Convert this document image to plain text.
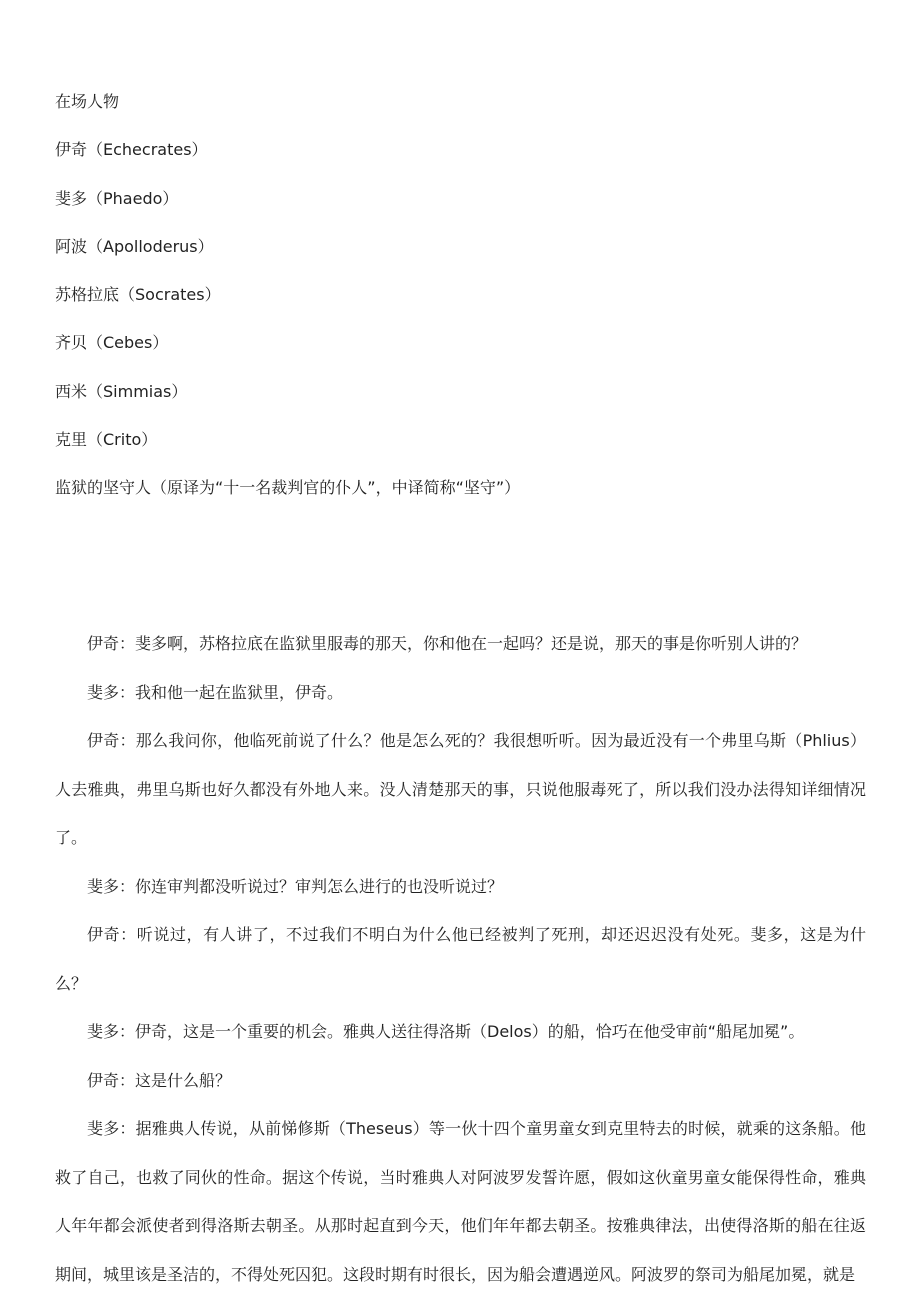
在场人物
伊奇（Echecrates）
斐多（Phaedo）
阿波（Apolloderus）
苏格拉底（Socrates）
齐贝（Cebes）
西米（Simmias）
克里（Crito）
监狱的坚守人（原译为“十一名裁判官的仆人”，中译简称“坚守”）

伊奇：斐多啊，苏格拉底在监狱里服毒的那天，你和他在一起吗？还是说，那天的事是你听别人讲的？

斐多：我和他一起在监狱里，伊奇。

伊奇：那么我问你，他临死前说了什么？他是怎么死的？我很想听听。因为最近没有一个弗里乌斯（Phlius）人去雅典，弗里乌斯也好久都没有外地人来。没人清楚那天的事，只说他服毒死了，所以我们没办法得知详细情况了。

斐多：你连审判都没听说过？审判怎么进行的也没听说过？

伊奇：听说过，有人讲了，不过我们不明白为什么他已经被判了死刑，却还迟迟没有处死。斐多，这是为什么？

斐多：伊奇，这是一个重要的机会。雅典人送往得洛斯（Delos）的船，恰巧在他受审前“船尾加冕”。

伊奇：这是什么船？

斐多：据雅典人传说，从前悌修斯（Theseus）等一伙十四个童男童女到克里特去的时候，就乘的这条船。他救了自己，也救了同伙的性命。据这个传说，当时雅典人对阿波罗发誓许愿，假如这伙童男童女能保得性命，雅典人年年都会派使者到得洛斯去朝圣。从那时起直到今天，他们年年都去朝圣。按雅典律法，出使得洛斯的船在往返期间，城里该是圣洁的，不得处死囚犯。这段时期有时很长，因为船会遭遇逆风。阿波罗的祭司为船尾加冕，就是
